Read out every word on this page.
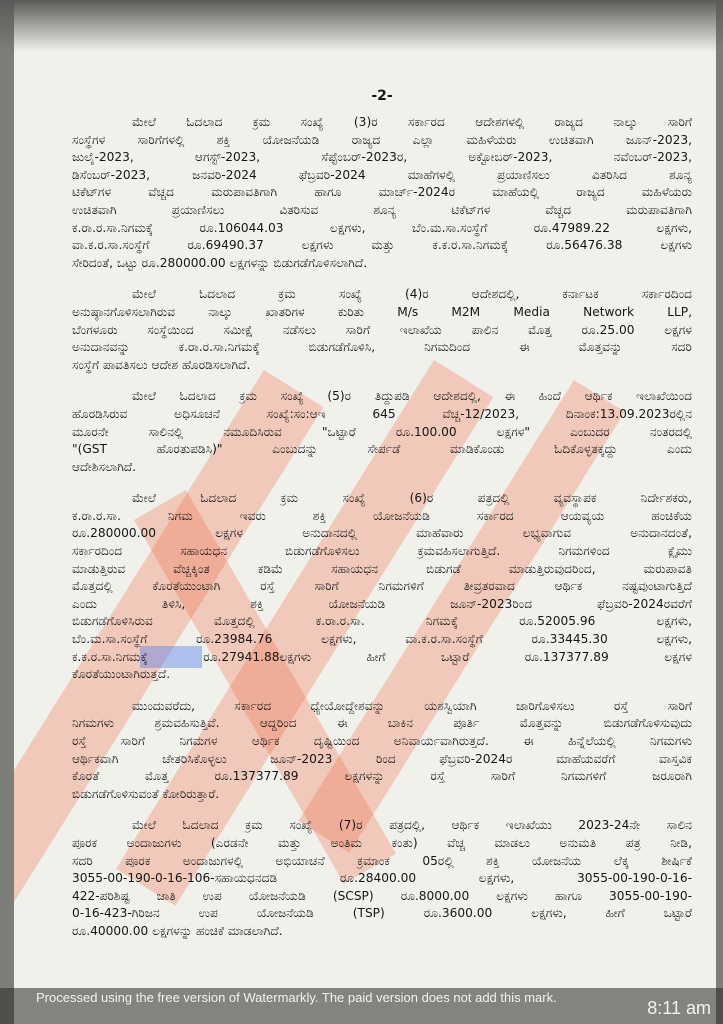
-2-
ಮೇಲೆ ಓದಲಾದ ಕ್ರಮ ಸಂಖ್ಯೆ (3)ರ ಸರ್ಕಾರದ ಆದೇಶಗಳಲ್ಲಿ ರಾಜ್ಯದ ನಾಲ್ಕು ಸಾರಿಗೆ
ಸಂಸ್ಥೆಗಳ ಸಾರಿಗೆಗಳಲ್ಲಿ ಶಕ್ತಿ ಯೋಜನೆಯಡಿ ರಾಜ್ಯದ ಎಲ್ಲಾ ಮಹಿಳೆಯರು ಉಚಿತವಾಗಿ ಜೂನ್-2023,
ಜುಲೈ-2023, ಆಗಸ್ಟ್-2023, ಸೆಪ್ಟೆಂಬರ್-2023ರ, ಅಕ್ಟೋಬರ್-2023, ನವೆಂಬರ್-2023,
ಡಿಸೆಂಬರ್-2023, ಜನವರಿ-2024 ಫೆಬ್ರವರಿ-2024 ಮಾಹೆಗಳಲ್ಲಿ ಪ್ರಯಾಣಿಸಲು ವಿತರಿಸಿದ ಶೂನ್ಯ
ಟಿಕೆಟ್‌ಗಳ ವೆಚ್ಚದ ಮರುಪಾವತಿಗಾಗಿ ಹಾಗೂ ಮಾರ್ಚ್-2024ರ ಮಾಹೆಯಲ್ಲಿ ರಾಜ್ಯದ ಮಹಿಳೆಯರು
ಉಚಿತವಾಗಿ ಪ್ರಯಾಣಿಸಲು ವಿತರಿಸುವ ಶೂನ್ಯ ಟಿಕೆಟ್‌ಗಳ ವೆಚ್ಚದ ಮರುಪಾವತಿಗಾಗಿ
ಕ.ರಾ.ರ.ಸಾ.ನಿಗಮಕ್ಕೆ ರೂ.106044.03 ಲಕ್ಷಗಳು, ಬೆಂ.ಮ.ಸಾ.ಸಂಸ್ಥೆಗೆ ರೂ.47989.22 ಲಕ್ಷಗಳು,
ವಾ.ಕ.ರ.ಸಾ.ಸಂಸ್ಥೆಗೆ ರೂ.69490.37 ಲಕ್ಷಗಳು ಮತ್ತು ಕ.ಕ.ರ.ಸಾ.ನಿಗಮಕ್ಕೆ ರೂ.56476.38 ಲಕ್ಷಗಳು
ಸೇರಿದಂತೆ, ಒಟ್ಟು ರೂ.280000.00 ಲಕ್ಷಗಳನ್ನು ಬಿಡುಗಡೆಗೊಳಿಸಲಾಗಿದೆ.
ಮೇಲೆ ಓದಲಾದ ಕ್ರಮ ಸಂಖ್ಯೆ (4)ರ ಆದೇಶದಲ್ಲಿ, ಕರ್ನಾಟಕ ಸರ್ಕಾರದಿಂದ
ಅನುಷ್ಠಾನಗೊಳಿಸಲಾಗಿರುವ ನಾಲ್ಕು ಖಾತರಿಗಳ ಕುರಿತು M/s M2M Media Network LLP,
ಬೆಂಗಳೂರು ಸಂಸ್ಥೆಯಿಂದ ಸಮೀಕ್ಷೆ ನಡೆಸಲು ಸಾರಿಗೆ ಇಲಾಖೆಯ ಪಾಲಿನ ಮೊತ್ತ ರೂ.25.00 ಲಕ್ಷಗಳ
ಅನುದಾನವನ್ನು ಕ.ರಾ.ರ.ಸಾ.ನಿಗಮಕ್ಕೆ ಬಿಡುಗಡೆಗೊಳಿಸಿ, ನಿಗಮದಿಂದ ಈ ಮೊತ್ತವನ್ನು ಸದರಿ
ಸಂಸ್ಥೆಗೆ ಪಾವತಿಸಲು ಆದೇಶ ಹೊರಡಿಸಲಾಗಿದೆ.
ಮೇಲೆ ಓದಲಾದ ಕ್ರಮ ಸಂಖ್ಯೆ (5)ರ ತಿದ್ದುಪಡಿ ಆದೇಶದಲ್ಲಿ, ಈ ಹಿಂದೆ ಆರ್ಥಿಕ ಇಲಾಖೆಯಿಂದ
ಹೊರಡಿಸಿರುವ ಅಧಿಸೂಚನೆ ಸಂಖ್ಯೆ:ಸಂ:ಆಇ 645 ವೆಚ್ಚ-12/2023, ದಿನಾಂಕ:13.09.2023ರಲ್ಲಿನ
ಮೂರನೇ ಸಾಲಿನಲ್ಲಿ ನಮೂದಿಸಿರುವ "ಒಟ್ಟಾರೆ ರೂ.100.00 ಲಕ್ಷಗಳ" ಎಂಬುದರ ನಂತರದಲ್ಲಿ
"(GST ಹೊರತುಪಡಿಸಿ)" ಎಂಬುದನ್ನು ಸೇರ್ಪಡೆ ಮಾಡಿಕೊಂಡು ಓದಿಕೊಳ್ಳತಕ್ಕದ್ದು ಎಂದು
ಆದೇಶಿಸಲಾಗಿದೆ.
ಮೇಲೆ ಓದಲಾದ ಕ್ರಮ ಸಂಖ್ಯೆ (6)ರ ಪತ್ರದಲ್ಲಿ ವ್ಯವಸ್ಥಾಪಕ ನಿರ್ದೇಶಕರು,
ಕ.ರಾ.ರ.ಸಾ. ನಿಗಮ ಇವರು ಶಕ್ತಿ ಯೋಜನೆಯಡಿ ಸರ್ಕಾರದ ಆಯವ್ಯಯ ಹಂಚಿಕೆಯ
ರೂ.280000.00 ಲಕ್ಷಗಳ ಅನುದಾನದಲ್ಲಿ ಮಾಹೆವಾರು ಲಭ್ಯವಾಗುವ ಅನುದಾನದಂತೆ,
ಸರ್ಕಾರದಿಂದ ಸಹಾಯಧನ ಬಿಡುಗಡೆಗೊಳಿಸಲು ಕ್ರಮವಹಿಸಲಾಗುತ್ತಿದೆ. ನಿಗಮಗಳಿಂದ ಕ್ಲೈಮು
ಮಾಡುತ್ತಿರುವ ವೆಚ್ಚಕ್ಕಿಂತ ಕಡಿಮೆ ಸಹಾಯಧನ ಬಿಡುಗಡೆ ಮಾಡುತ್ತಿರುವುದರಿಂದ, ಮರುಪಾವತಿ
ಮೊತ್ತದಲ್ಲಿ ಕೊರತೆಯುಂಟಾಗಿ ರಸ್ತೆ ಸಾರಿಗೆ ನಿಗಮಗಳಿಗೆ ತೀವ್ರತರವಾದ ಆರ್ಥಿಕ ನಷ್ಟವುಂಟಾಗುತ್ತಿದೆ
ಎಂದು ತಿಳಿಸಿ, ಶಕ್ತಿ ಯೋಜನೆಯಡಿ ಜೂನ್-2023ರಿಂದ ಫೆಬ್ರವರಿ-2024ರವರೆಗೆ
ಬಿಡುಗಡೆಗೊಳಿಸಿರುವ ಮೊತ್ತದಲ್ಲಿ ಕ.ರಾ.ರ.ಸಾ. ನಿಗಮಕ್ಕೆ ರೂ.52005.96 ಲಕ್ಷಗಳು,
ಬೆಂ.ಮ.ಸಾ.ಸಂಸ್ಥೆಗೆ ರೂ.23984.76 ಲಕ್ಷಗಳು, ವಾ.ಕ.ರ.ಸಾ.ಸಂಸ್ಥೆಗೆ ರೂ.33445.30 ಲಕ್ಷಗಳು,
ಕ.ಕ.ರ.ಸಾ.ನಿಗಮಕ್ಕೆ ರೂ.27941.88ಲಕ್ಷಗಳು ಹೀಗೆ ಒಟ್ಟಾರೆ ರೂ.137377.89 ಲಕ್ಷಗಳ
ಕೊರತೆಯುಂಟಾಗಿರುತ್ತದೆ.
ಮುಂದುವರೆದು, ಸರ್ಕಾರದ ಧ್ಯೇಯೋದ್ದೇಶವನ್ನು ಯಶಸ್ವಿಯಾಗಿ ಜಾರಿಗೊಳಿಸಲು ರಸ್ತೆ ಸಾರಿಗೆ
ನಿಗಮಗಳು ಶ್ರಮವಹಿಸುತ್ತಿವೆ. ಆದ್ದರಿಂದ ಈ ಬಾಕಿನ ಪೂರ್ತಿ ಮೊತ್ತವನ್ನು ಬಿಡುಗಡೆಗೊಳಿಸುವುದು
ರಸ್ತೆ ಸಾರಿಗೆ ನಿಗಮಗಳ ಆರ್ಥಿಕ ದೃಷ್ಟಿಯಿಂದ ಅನಿವಾರ್ಯವಾಗಿರುತ್ತದೆ. ಈ ಹಿನ್ನೆಲೆಯಲ್ಲಿ ನಿಗಮಗಳು
ಆರ್ಥಿಕವಾಗಿ ಚೇತರಿಸಿಕೊಳ್ಳಲು ಜೂನ್-2023 ರಿಂದ ಫೆಬ್ರವರಿ-2024ರ ಮಾಹೆಯವರೆಗೆ ವಾಸ್ತವಿಕ
ಕೊರತೆ ಮೊತ್ತ ರೂ.137377.89 ಲಕ್ಷಗಳನ್ನು ರಸ್ತೆ ಸಾರಿಗೆ ನಿಗಮಗಳಿಗೆ ಜರೂರಾಗಿ
ಬಿಡುಗಡೆಗೊಳಿಸುವಂತೆ ಕೋರಿರುತ್ತಾರೆ.
ಮೇಲೆ ಓದಲಾದ ಕ್ರಮ ಸಂಖ್ಯೆ (7)ರ ಪತ್ರದಲ್ಲಿ, ಆರ್ಥಿಕ ಇಲಾಖೆಯು 2023-24ನೇ ಸಾಲಿನ
ಪೂರಕ ಅಂದಾಜುಗಳು (ಎರಡನೇ ಮತ್ತು ಅಂತಿಮ ಕಂತು) ವೆಚ್ಚ ಮಾಡಲು ಅನುಮತಿ ಪತ್ರ ನೀಡಿ,
ಸದರಿ ಪೂರಕ ಅಂದಾಜುಗಳಲ್ಲಿ ಅಭಿಯಾಚನೆ ಕ್ರಮಾಂಕ 05ರಲ್ಲಿ ಶಕ್ತಿ ಯೋಜನೆಯ ಲೆಕ್ಕ ಶೀರ್ಷಿಕೆ
3055-00-190-0-16-106-ಸಹಾಯಧನದಡಿ ರೂ.28400.00 ಲಕ್ಷಗಳು, 3055-00-190-0-16-
422-ಪರಿಶಿಷ್ಟ ಜಾತಿ ಉಪ ಯೋಜನೆಯಡಿ (SCSP) ರೂ.8000.00 ಲಕ್ಷಗಳು ಹಾಗೂ 3055-00-190-
0-16-423-ಗಿರಿಜನ ಉಪ ಯೋಜನೆಯಡಿ (TSP) ರೂ.3600.00 ಲಕ್ಷಗಳು, ಹೀಗೆ ಒಟ್ಟಾರೆ
ರೂ.40000.00 ಲಕ್ಷಗಳನ್ನು ಹಂಚಿಕೆ ಮಾಡಲಾಗಿದೆ.
Processed using the free version of Watermarkly. The paid version does not add this mark.
8:11 am
